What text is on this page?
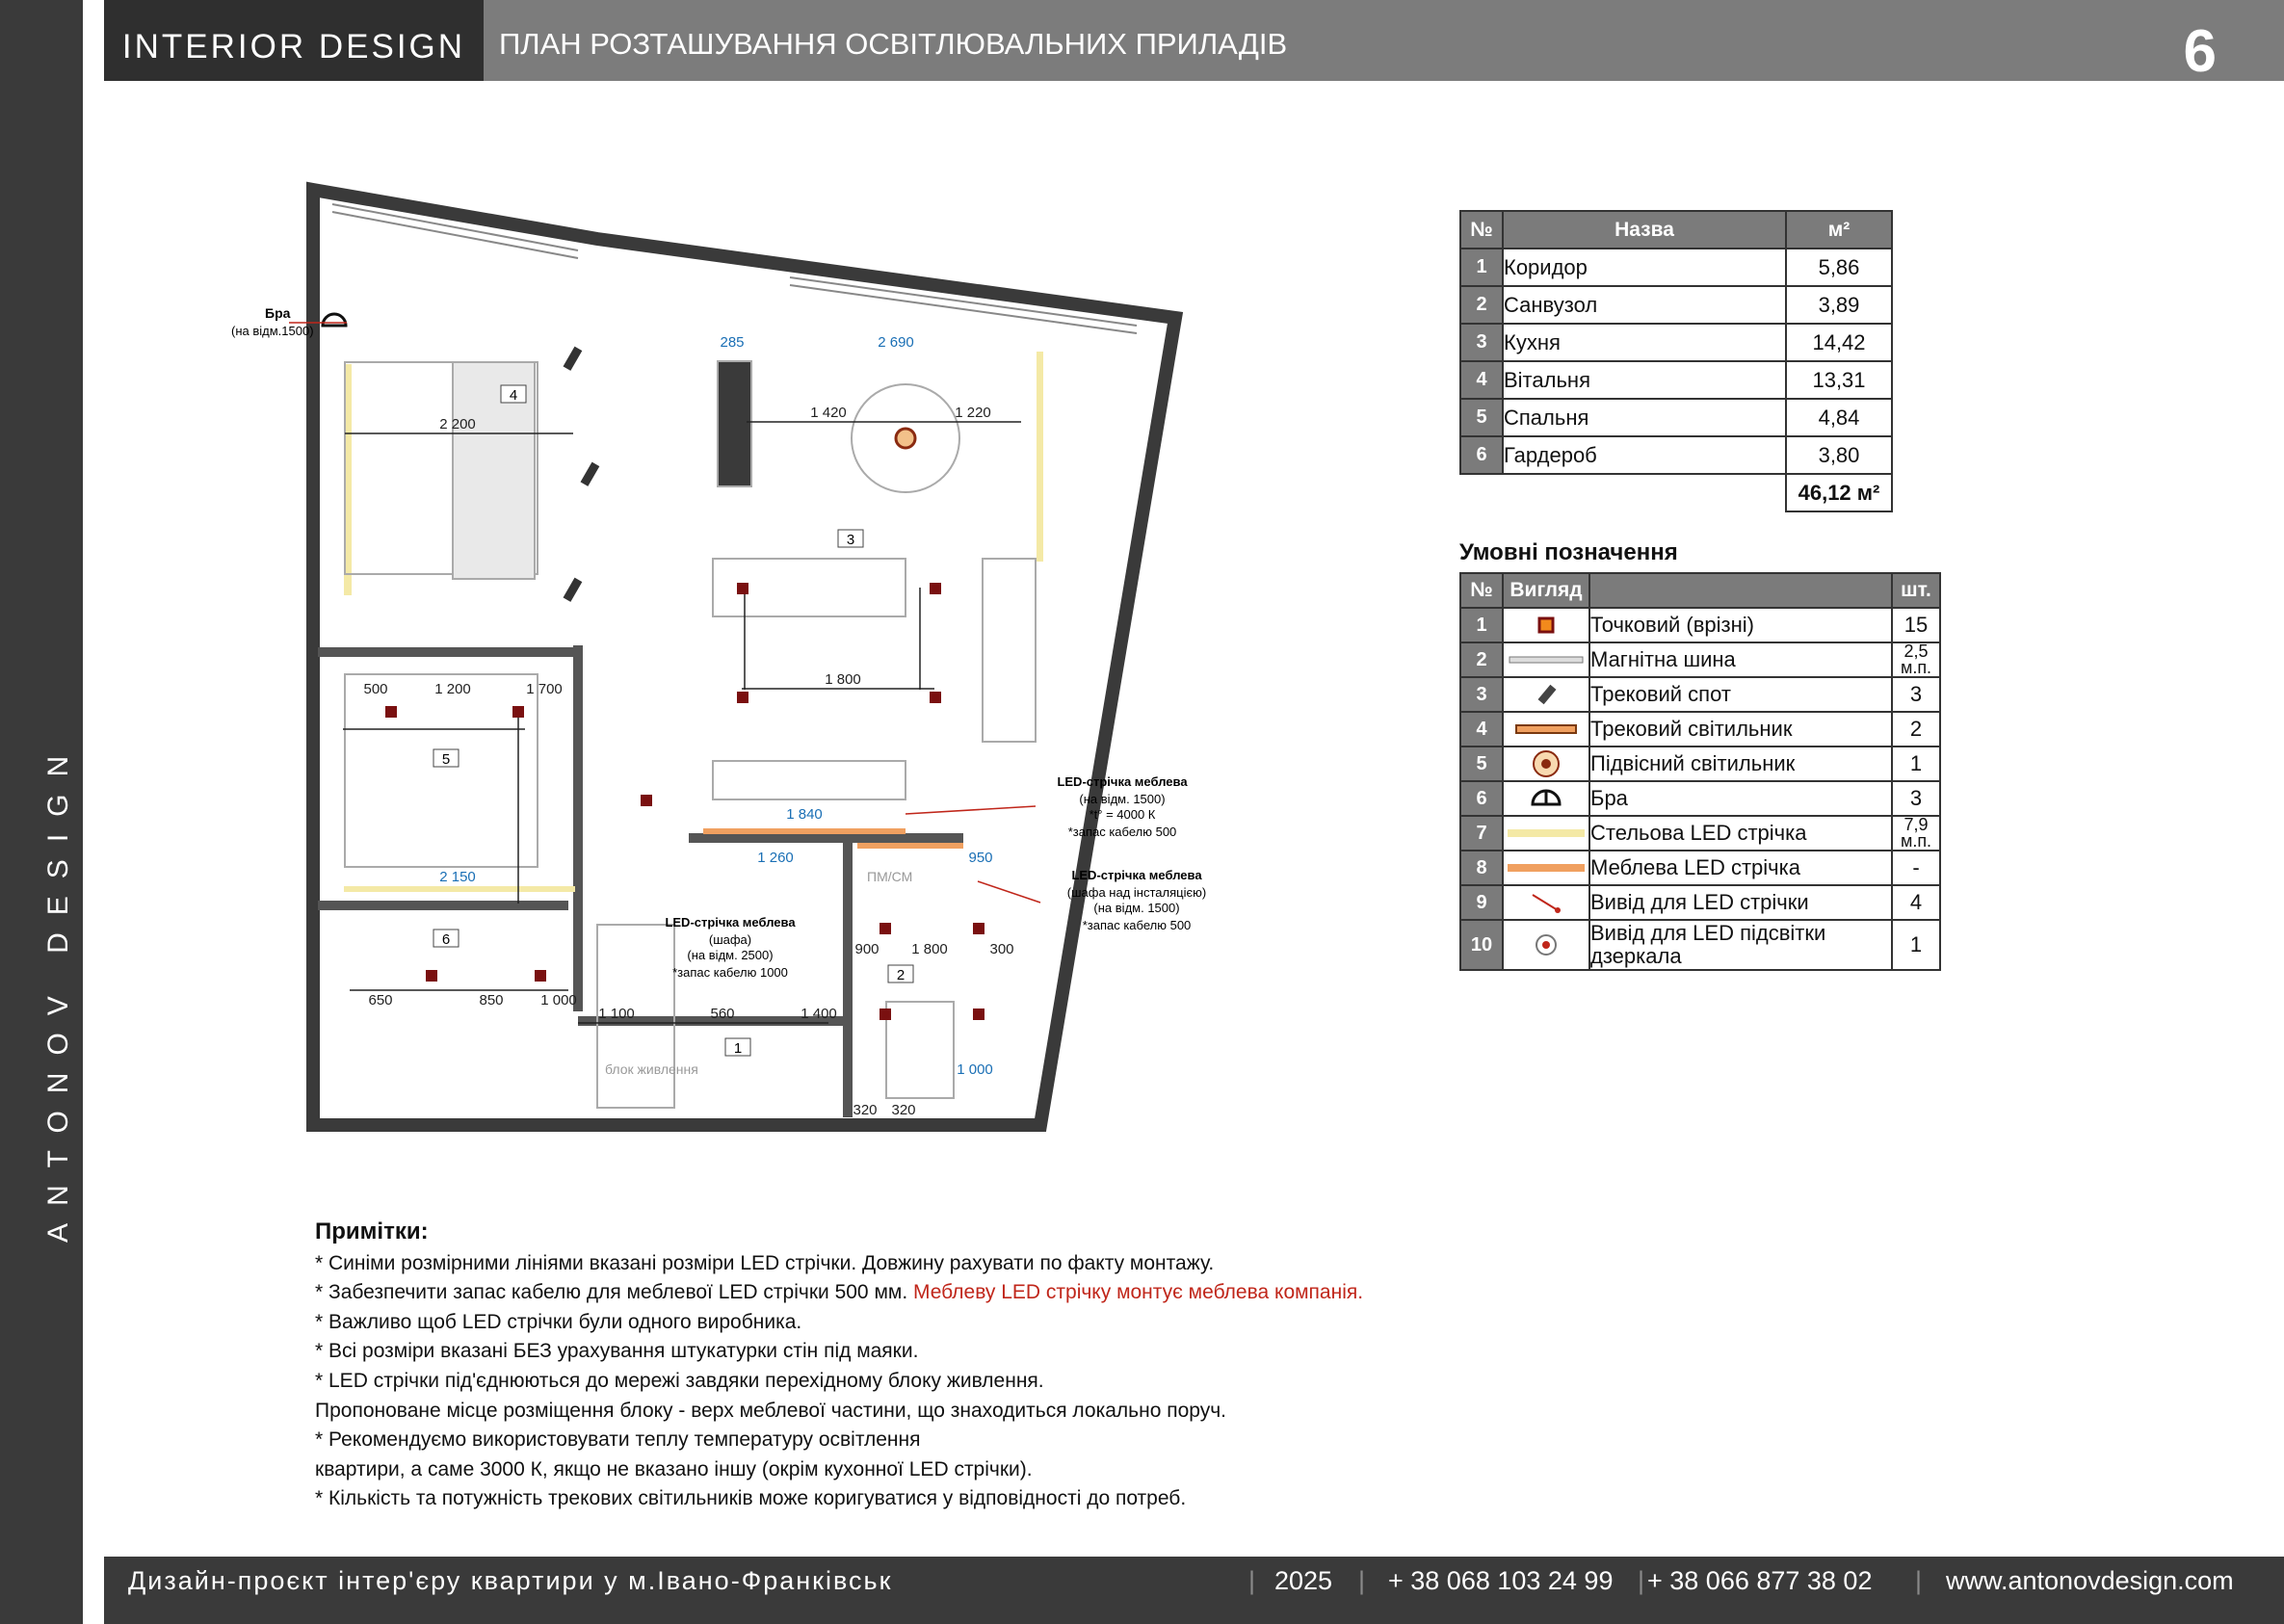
ANTONOV DESIGN
INTERIOR DESIGN	ПЛАН РОЗТАШУВАННЯ ОСВІТЛЮВАЛЬНИХ ПРИЛАДІВ	6
4
3
5
6
2
1
Бра
(на відм.1500)
2 200
1 420	1 220
1 800
1 200
500	1 700
850
650	1 000
560
1 100	1 400
1 800
900	300
320 320
2 690
285
2 150
1 840
1 260	950
1 000
LED-стрічка меблева
(на відм. 1500)
*t° = 4000 К
*запас кабелю 500
LED-стрічка меблева
(шафа над інсталяцією)
(на відм. 1500)
*запас кабелю 500
LED-стрічка меблева
(шафа)
(на відм. 2500)
*запас кабелю 1000
ПМ/СМ
блок живлення
№	Назва	м²
1	Коридор	5,86
2	Санвузол	3,89
3	Кухня	14,42
4	Вітальня	13,31
5	Спальня	4,84
6	Гардероб	3,80
		46,12 м²
Умовні позначення
№	Вигляд		шт.
1		Точковий (врізні)	15
2		Магнітна шина	2,5 м.п.
3		Трековий спот	3
4		Трековий світильник	2
5		Підвісний світильник	1
6		Бра	3
7		Стельова LED стрічка	7,9 м.п.
8		Меблева LED стрічка	-
9		Вивід для LED стрічки	4
10		Вивід для LED підсвітки дзеркала	1
Примітки:
* Синіми розмірними лініями вказані розміри LED стрічки. Довжину рахувати по факту монтажу.
* Забезпечити запас кабелю для меблевої LED стрічки 500 мм. Меблеву LED стрічку монтує меблева компанія.
* Важливо щоб LED стрічки були одного виробника.
* Всі розміри вказані БЕЗ урахування штукатурки стін під маяки.
* LED стрічки під'єднюються до мережі завдяки перехідному блоку живлення.
Пропоноване місце розміщення блоку - верх меблевої частини, що знаходиться локально поруч.
* Рекомендуємо використовувати теплу температуру освітлення
квартири, а саме 3000 К, якщо не вказано іншу (окрім кухонної LED стрічки).
* Кількість та потужність трекових світильників може коригуватися у відповідності до потреб.
Дизайн-проєкт інтер'єру квартири у м.Івано-Франківськ	| 2025 | + 38 068 103 24 99 | + 38 066 877 38 02 | www.antonovdesign.com
